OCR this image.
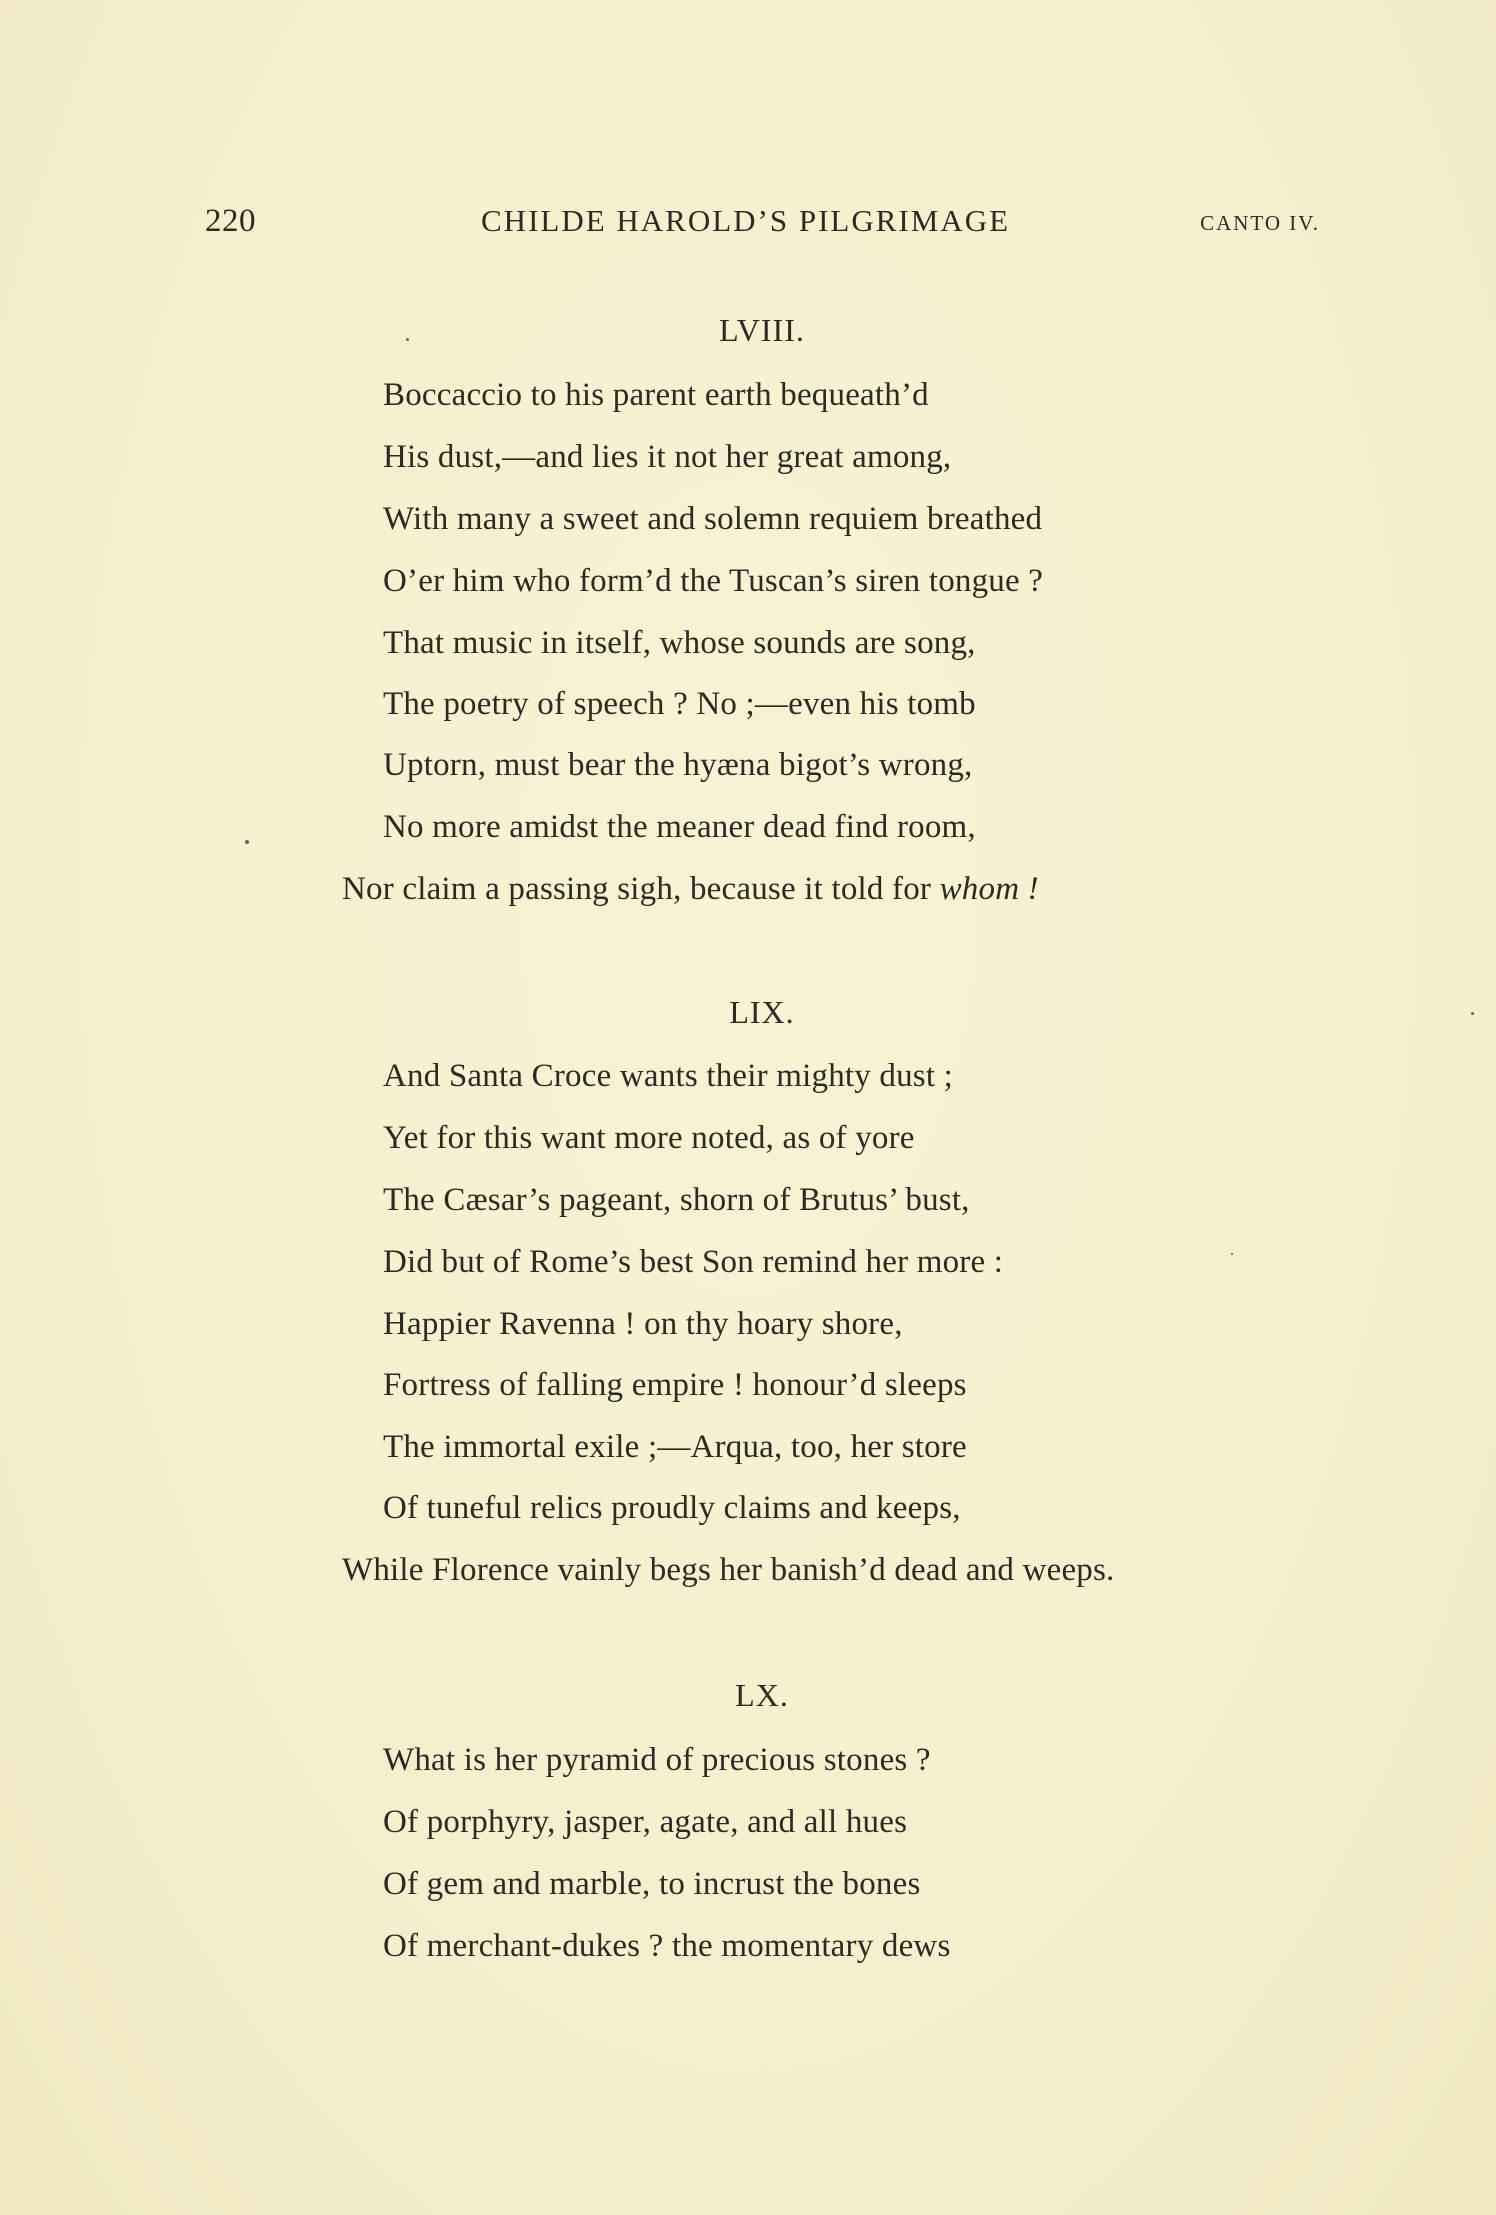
220	CHILDE HAROLD’S PILGRIMAGE	CANTO IV.
LVIII.
Boccaccio to his parent earth bequeath’d
His dust,—and lies it not her great among,
With many a sweet and solemn requiem breathed
O’er him who form’d the Tuscan’s siren tongue ?
That music in itself, whose sounds are song,
The poetry of speech ? No ;—even his tomb
Uptorn, must bear the hyæna bigot’s wrong,
No more amidst the meaner dead find room,
Nor claim a passing sigh, because it told for whom !
LIX.
And Santa Croce wants their mighty dust ;
Yet for this want more noted, as of yore
The Cæsar’s pageant, shorn of Brutus’ bust,
Did but of Rome’s best Son remind her more :
Happier Ravenna ! on thy hoary shore,
Fortress of falling empire ! honour’d sleeps
The immortal exile ;—Arqua, too, her store
Of tuneful relics proudly claims and keeps,
While Florence vainly begs her banish’d dead and weeps.
LX.
What is her pyramid of precious stones ?
Of porphyry, jasper, agate, and all hues
Of gem and marble, to incrust the bones
Of merchant-dukes ? the momentary dews
